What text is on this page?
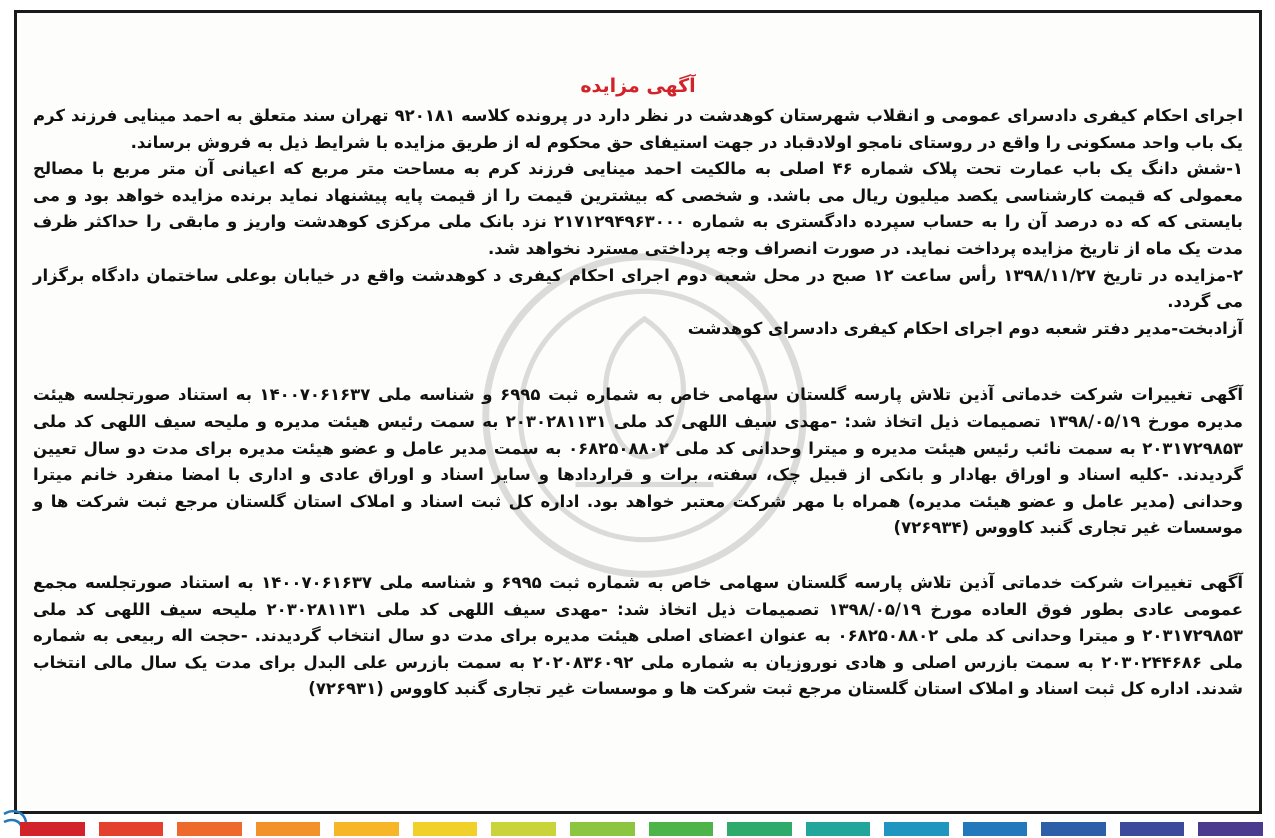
آگهی مزایده

اجرای احکام کیفری دادسرای عمومی و انقلاب شهرستان کوهدشت در نظر دارد در پرونده کلاسه ۹۲۰۱۸۱ تهران سند متعلق به احمد مینایی فرزند کرم یک باب واحد مسکونی را واقع در روستای نامجو اولادقباد در جهت استیفای حق محکوم له از طریق مزایده با شرایط ذیل به فروش برساند.

۱-شش دانگ یک باب عمارت تحت پلاک شماره ۴۶ اصلی به مالکیت احمد مینایی فرزند کرم به مساحت متر مربع که اعیانی آن متر مربع با مصالح معمولی که قیمت کارشناسی یکصد میلیون ریال می باشد. و شخصی که بیشترین قیمت را از قیمت پایه پیشنهاد نماید برنده مزایده خواهد بود و می بایستی که که ده درصد آن را به حساب سپرده دادگستری به شماره ۲۱۷۱۲۹۴۹۶۳۰۰۰ نزد بانک ملی مرکزی کوهدشت واریز و مابقی را حداکثر ظرف مدت یک ماه از تاریخ مزایده پرداخت نماید. در صورت انصراف وجه پرداختی مسترد نخواهد شد.

۲-مزایده در تاریخ ۱۳۹۸/۱۱/۲۷ رأس ساعت ۱۲ صبح در محل شعبه دوم اجرای احکام کیفری د کوهدشت واقع در خیابان بوعلی ساختمان دادگاه برگزار می گردد.

آزادبخت-مدیر دفتر شعبه دوم اجرای احکام کیفری دادسرای کوهدشت

آگهی تغییرات شرکت خدماتی آذین تلاش پارسه گلستان سهامی خاص به شماره ثبت ۶۹۹۵ و شناسه ملی ۱۴۰۰۷۰۶۱۶۳۷ به استناد صورتجلسه هیئت مدیره مورخ ۱۳۹۸/۰۵/۱۹ تصمیمات ذیل اتخاذ شد: -مهدی سیف اللهی کد ملی ۲۰۳۰۲۸۱۱۳۱ به سمت رئیس هیئت مدیره و ملیحه سیف اللهی کد ملی ۲۰۳۱۷۲۹۸۵۳ به سمت نائب رئیس هیئت مدیره و میترا وحدانی کد ملی ۰۶۸۲۵۰۸۸۰۲ به سمت مدیر عامل و عضو هیئت مدیره برای مدت دو سال تعیین گردیدند. -کلیه اسناد و اوراق بهادار و بانکی از قبیل چک، سفته، برات و قراردادها و سایر اسناد و اوراق عادی و اداری با امضا منفرد خانم میترا وحدانی (مدیر عامل و عضو هیئت مدیره) همراه با مهر شرکت معتبر خواهد بود. اداره کل ثبت اسناد و املاک استان گلستان مرجع ثبت شرکت ها و موسسات غیر تجاری گنبد کاووس (۷۲۶۹۳۴)

آگهی تغییرات شرکت خدماتی آذین تلاش پارسه گلستان سهامی خاص به شماره ثبت ۶۹۹۵ و شناسه ملی ۱۴۰۰۷۰۶۱۶۳۷ به استناد صورتجلسه مجمع عمومی عادی بطور فوق العاده مورخ ۱۳۹۸/۰۵/۱۹ تصمیمات ذیل اتخاذ شد: -مهدی سیف اللهی کد ملی ۲۰۳۰۲۸۱۱۳۱ ملیحه سیف اللهی کد ملی ۲۰۳۱۷۲۹۸۵۳ و میترا وحدانی کد ملی ۰۶۸۲۵۰۸۸۰۲ به عنوان اعضای اصلی هیئت مدیره برای مدت دو سال انتخاب گردیدند. -حجت اله ربیعی به شماره ملی ۲۰۳۰۲۴۴۶۸۶ به سمت بازرس اصلی و هادی نوروزیان به شماره ملی ۲۰۲۰۸۳۶۰۹۲ به سمت بازرس علی البدل برای مدت یک سال مالی انتخاب شدند. اداره کل ثبت اسناد و املاک استان گلستان مرجع ثبت شرکت ها و موسسات غیر تجاری گنبد کاووس (۷۲۶۹۳۱)
